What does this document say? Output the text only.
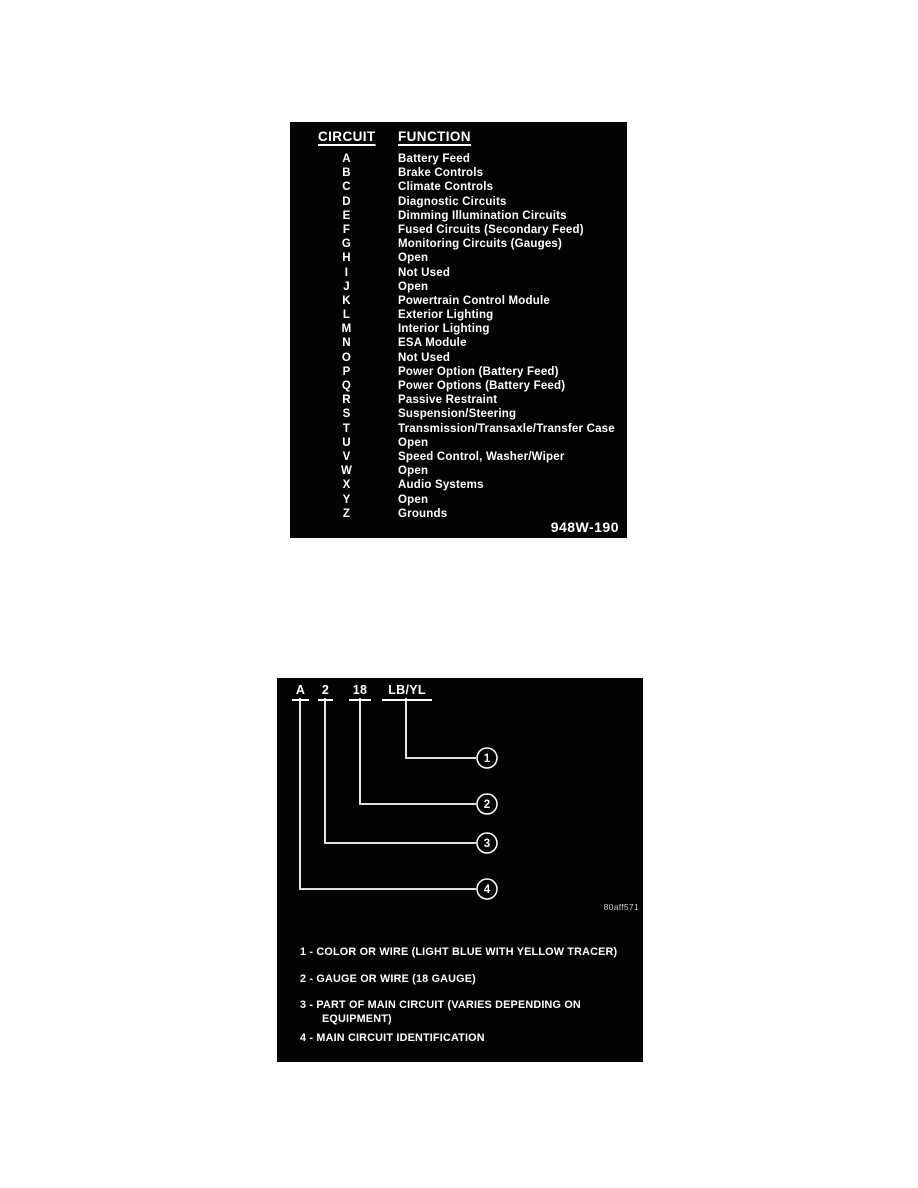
CIRCUIT FUNCTION
A	Battery Feed
B	Brake Controls
C	Climate Controls
D	Diagnostic Circuits
E	Dimming Illumination Circuits
F	Fused Circuits (Secondary Feed)
G	Monitoring Circuits (Gauges)
H	Open
I	Not Used
J	Open
K	Powertrain Control Module
L	Exterior Lighting
M	Interior Lighting
N	ESA Module
O	Not Used
P	Power Option (Battery Feed)
Q	Power Options (Battery Feed)
R	Passive Restraint
S	Suspension/Steering
T	Transmission/Transaxle/Transfer Case
U	Open
V	Speed Control, Washer/Wiper
W	Open
X	Audio Systems
Y	Open
Z	Grounds
948W-190
A	2	18	LB/YL
1
2
3
4
80aff571
1 - COLOR OR WIRE (LIGHT BLUE WITH YELLOW TRACER)
2 - GAUGE OR WIRE (18 GAUGE)
3 - PART OF MAIN CIRCUIT (VARIES DEPENDING ON
EQUIPMENT)
4 - MAIN CIRCUIT IDENTIFICATION
